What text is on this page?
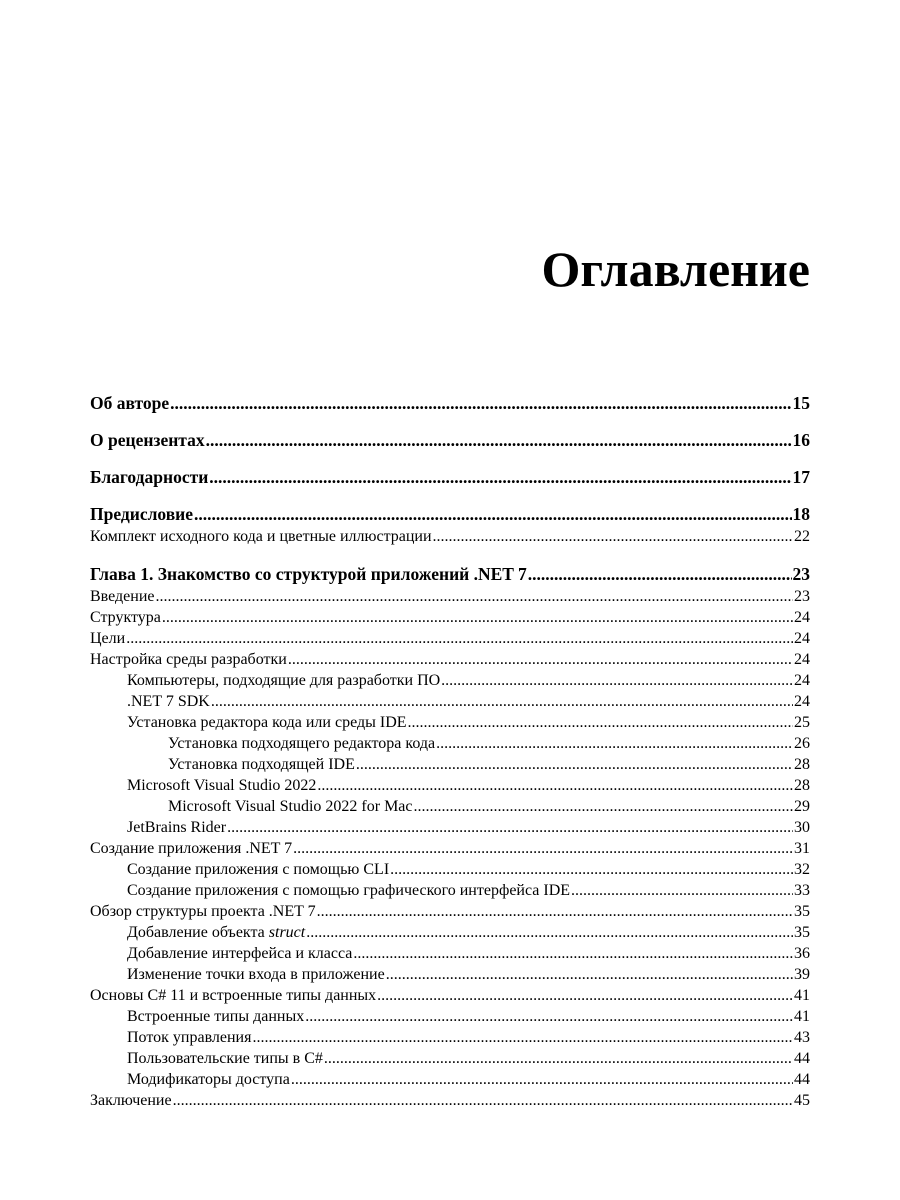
Оглавление
Об авторе .....	15
О рецензентах .....	16
Благодарности .....	17
Предисловие .....	18
Комплект исходного кода и цветные иллюстрации .....	22
Глава 1. Знакомство со структурой приложений .NET 7 .....	23
Введение .....	23
Структура .....	24
Цели .....	24
Настройка среды разработки .....	24
Компьютеры, подходящие для разработки ПО .....	24
.NET 7 SDK .....	24
Установка редактора кода или среды IDE .....	25
Установка подходящего редактора кода .....	26
Установка подходящей IDE .....	28
Microsoft Visual Studio 2022 .....	28
Microsoft Visual Studio 2022 for Mac .....	29
JetBrains Rider .....	30
Создание приложения .NET 7 .....	31
Создание приложения с помощью CLI .....	32
Создание приложения с помощью графического интерфейса IDE .....	33
Обзор структуры проекта .NET 7 .....	35
Добавление объекта struct .....	35
Добавление интерфейса и класса .....	36
Изменение точки входа в приложение .....	39
Основы C# 11 и встроенные типы данных .....	41
Встроенные типы данных .....	41
Поток управления .....	43
Пользовательские типы в C# .....	44
Модификаторы доступа .....	44
Заключение .....	45
